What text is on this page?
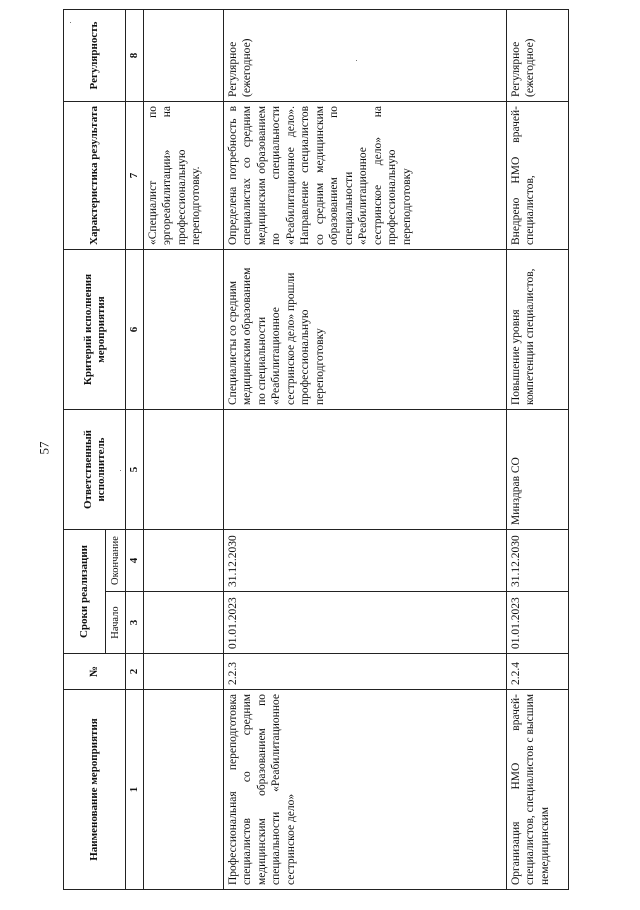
57
Наименование мероприятия	№	Сроки реализации		Ответственный исполнитель	Критерий исполнения мероприятия	Характеристика результата	Регулярность
		Начало	Окончание				
1	2	3	4	5	6	7	8
						«Специалист по эргореабилитации» на профессиональную переподготовку.	
Профессиональная переподготовка специалистов со средним медицинским образованием по специальности «Реабилитационное сестринское дело»	2.2.3	01.01.2023	31.12.2030		Специалисты со средним медицинским образованием по специальности «Реабилитационное сестринское дело» прошли профессиональную переподготовку	Определена потребность в специалистах со средним медицинским образованием по специальности «Реабилитационное дело». Направление специалистов со средним медицинским образованием по специальности «Реабилитационное сестринское дело» на профессиональную переподготовку	Регулярное (ежегодное)
Организация НМО врачей-специалистов, специалистов с высшим немедицинским	2.2.4	01.01.2023	31.12.2030	Минздрав СО	Повышение уровня компетенции специалистов,	Внедрено НМО врачей-специалистов,	Регулярное (ежегодное)
